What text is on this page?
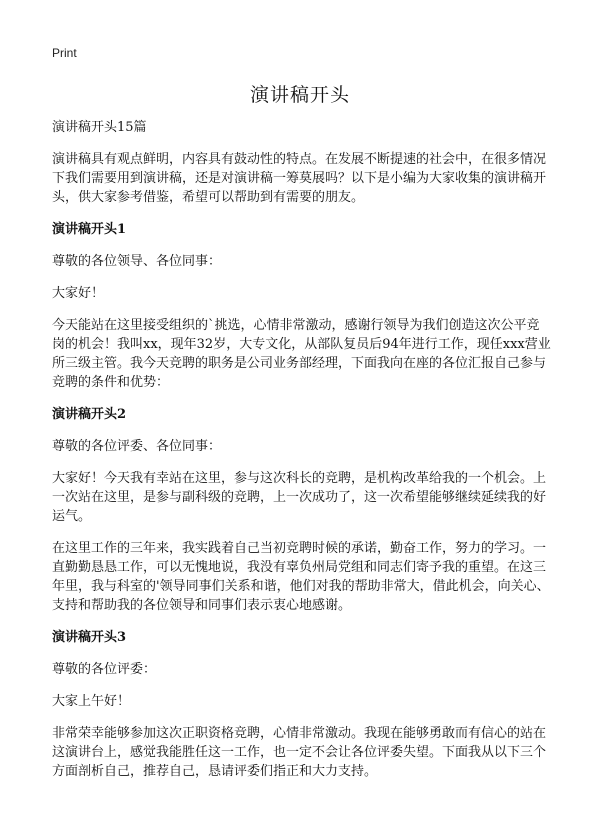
Print
演讲稿开头

演讲稿开头15篇

演讲稿具有观点鲜明，内容具有鼓动性的特点。在发展不断提速的社会中，在很多情况下我们需要用到演讲稿，还是对演讲稿一筹莫展吗？以下是小编为大家收集的演讲稿开头，供大家参考借鉴，希望可以帮助到有需要的朋友。

演讲稿开头1

尊敬的各位领导、各位同事：

大家好！

今天能站在这里接受组织的`挑选，心情非常激动，感谢行领导为我们创造这次公平竞岗的机会！我叫xx，现年32岁，大专文化，从部队复员后94年进行工作，现任xxx营业所三级主管。我今天竞聘的职务是公司业务部经理，下面我向在座的各位汇报自己参与竞聘的条件和优势：

演讲稿开头2

尊敬的各位评委、各位同事：

大家好！今天我有幸站在这里，参与这次科长的竞聘，是机构改革给我的一个机会。上一次站在这里，是参与副科级的竞聘，上一次成功了，这一次希望能够继续延续我的好运气。

在这里工作的三年来，我实践着自己当初竞聘时候的承诺，勤奋工作，努力的学习。一直勤勤恳恳工作，可以无愧地说，我没有辜负州局党组和同志们寄予我的重望。在这三年里，我与科室的'领导同事们关系和谐，他们对我的帮助非常大，借此机会，向关心、支持和帮助我的各位领导和同事们表示衷心地感谢。

演讲稿开头3

尊敬的各位评委：

大家上午好！

非常荣幸能够参加这次正职资格竞聘，心情非常激动。我现在能够勇敢而有信心的站在这演讲台上，感觉我能胜任这一工作，也一定不会让各位评委失望。下面我从以下三个方面剖析自己，推荐自己，恳请评委们指正和大力支持。
